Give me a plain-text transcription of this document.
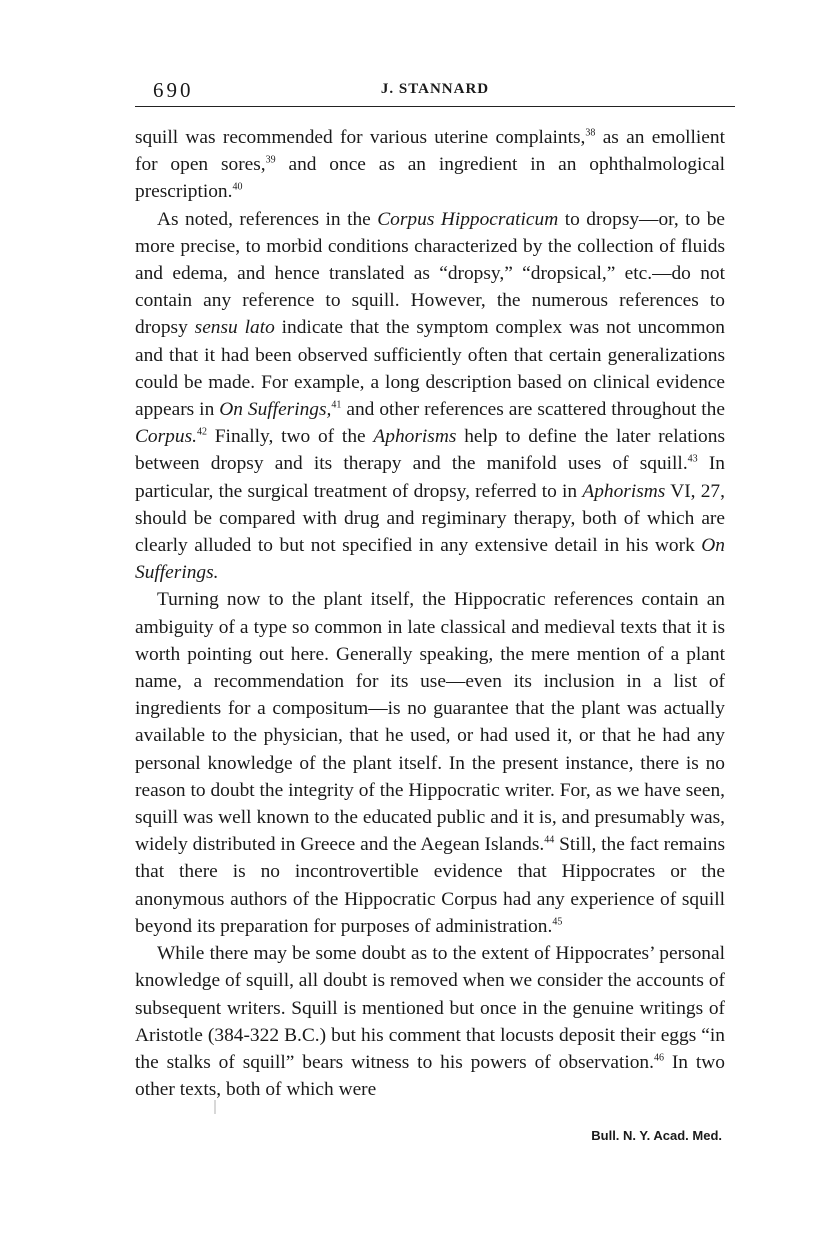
690	J. STANNARD

squill was recommended for various uterine complaints,$^{38}$ as an emollient for open sores,$^{39}$ and once as an ingredient in an ophthalmological prescription.$^{40}$

As noted, references in the Corpus Hippocraticum to dropsy—or, to be more precise, to morbid conditions characterized by the collection of fluids and edema, and hence translated as “dropsy,” “dropsical,” etc.—do not contain any reference to squill. However, the numerous references to dropsy sensu lato indicate that the symptom complex was not uncommon and that it had been observed sufficiently often that certain generalizations could be made. For example, a long description based on clinical evidence appears in On Sufferings,$^{41}$ and other references are scattered throughout the Corpus.$^{42}$ Finally, two of the Aphorisms help to define the later relations between dropsy and its therapy and the manifold uses of squill.$^{43}$ In particular, the surgical treatment of dropsy, referred to in Aphorisms VI, 27, should be compared with drug and regiminary therapy, both of which are clearly alluded to but not specified in any extensive detail in his work On Sufferings.

Turning now to the plant itself, the Hippocratic references contain an ambiguity of a type so common in late classical and medieval texts that it is worth pointing out here. Generally speaking, the mere mention of a plant name, a recommendation for its use—even its inclusion in a list of ingredients for a compositum—is no guarantee that the plant was actually available to the physician, that he used, or had used it, or that he had any personal knowledge of the plant itself. In the present instance, there is no reason to doubt the integrity of the Hippocratic writer. For, as we have seen, squill was well known to the educated public and it is, and presumably was, widely distributed in Greece and the Aegean Islands.$^{44}$ Still, the fact remains that there is no incontrovertible evidence that Hippocrates or the anonymous authors of the Hippocratic Corpus had any experience of squill beyond its preparation for purposes of administration.$^{45}$

While there may be some doubt as to the extent of Hippocrates’ personal knowledge of squill, all doubt is removed when we consider the accounts of subsequent writers. Squill is mentioned but once in the genuine writings of Aristotle (384-322 B.C.) but his comment that locusts deposit their eggs “in the stalks of squill” bears witness to his powers of observation.$^{46}$ In two other texts, both of which were

Bull. N. Y. Acad. Med.
